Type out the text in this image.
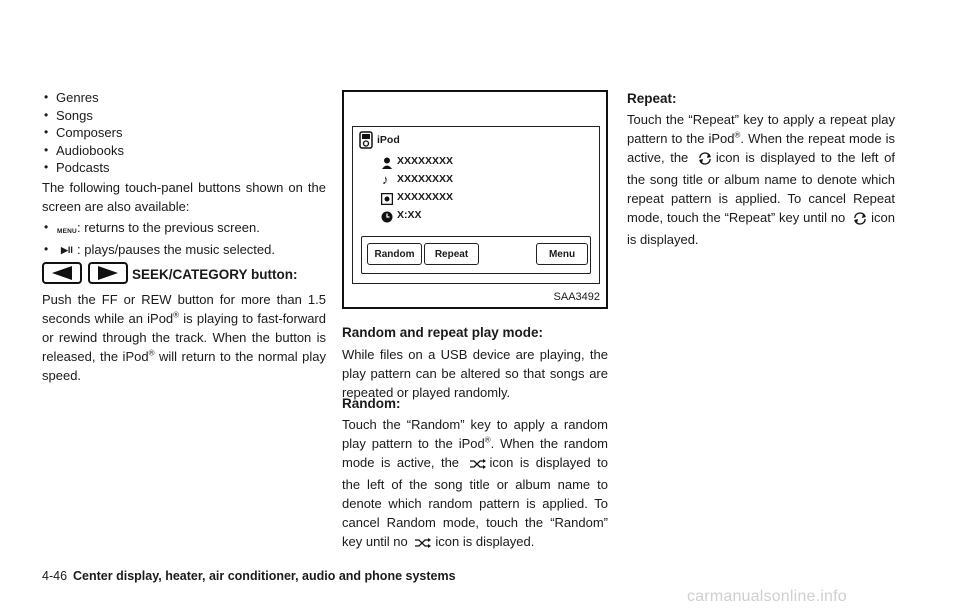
• Genres
• Songs
• Composers
• Audiobooks
• Podcasts

The following touch-panel buttons shown on the screen are also available:

• MENU : returns to the previous screen.
• ▶II : plays/pauses the music selected.
SEEK/CATEGORY button:

Push the FF or REW button for more than 1.5 seconds while an iPod® is playing to fast-forward or rewind through the track. When the button is released, the iPod® will return to the normal play speed.

iPod
XXXXXXXX
♪ XXXXXXXX
XXXXXXXX
X:XX
Random	Repeat	Menu
SAA3492
Random and repeat play mode:

While files on a USB device are playing, the play pattern can be altered so that songs are repeated or played randomly.

Random:

Touch the “Random” key to apply a random play pattern to the iPod®. When the random mode is active, the icon is displayed to the left of the song title or album name to denote which random pattern is applied. To cancel Random mode, touch the “Random” key until no icon is displayed.

Repeat:

Touch the “Repeat” key to apply a repeat play pattern to the iPod®. When the repeat mode is active, the icon is displayed to the left of the song title or album name to denote which repeat pattern is applied. To cancel Repeat mode, touch the “Repeat” key until no icon is displayed.

4-46 Center display, heater, air conditioner, audio and phone systems
carmanualsonline.info
